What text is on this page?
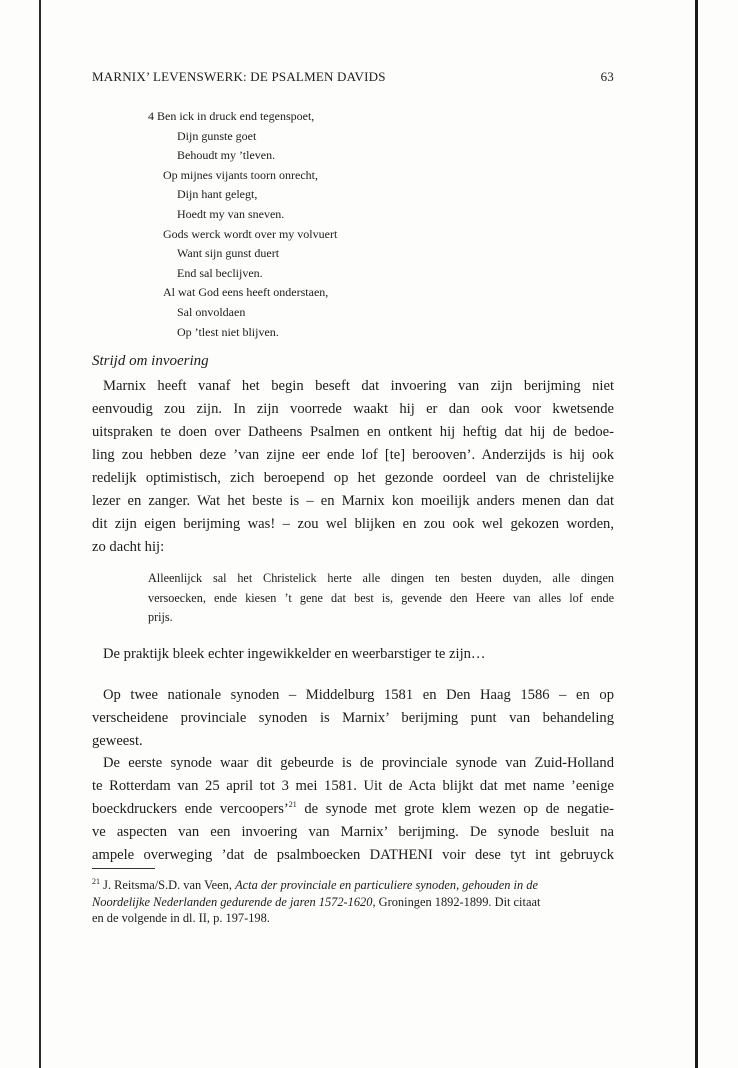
MARNIX’ LEVENSWERK: DE PSALMEN DAVIDS	63
4 Ben ick in druck end tegenspoet,
Dijn gunste goet
Behoudt my ’tleven.
Op mijnes vijants toorn onrecht,
Dijn hant gelegt,
Hoedt my van sneven.
Gods werck wordt over my volvuert
Want sijn gunst duert
End sal beclijven.
Al wat God eens heeft onderstaen,
Sal onvoldaen
Op ’tlest niet blijven.
Strijd om invoering

Marnix heeft vanaf het begin beseft dat invoering van zijn berijming niet
eenvoudig zou zijn. In zijn voorrede waakt hij er dan ook voor kwetsende
uitspraken te doen over Datheens Psalmen en ontkent hij heftig dat hij de bedoe-
ling zou hebben deze ’van zijne eer ende lof [te] berooven’. Anderzijds is hij ook
redelijk optimistisch, zich beroepend op het gezonde oordeel van de christelijke
lezer en zanger. Wat het beste is – en Marnix kon moeilijk anders menen dan dat
dit zijn eigen berijming was! – zou wel blijken en zou ook wel gekozen worden,
zo dacht hij:

Alleenlijck sal het Christelick herte alle dingen ten besten duyden, alle dingen
versoecken, ende kiesen ’t gene dat best is, gevende den Heere van alles lof ende
prijs.

De praktijk bleek echter ingewikkelder en weerbarstiger te zijn…

Op twee nationale synoden – Middelburg 1581 en Den Haag 1586 – en op
verscheidene provinciale synoden is Marnix’ berijming punt van behandeling
geweest.

De eerste synode waar dit gebeurde is de provinciale synode van Zuid-Holland
te Rotterdam van 25 april tot 3 mei 1581. Uit de Acta blijkt dat met name ’eenige
boeckdruckers ende vercoopers’$^{21}$ de synode met grote klem wezen op de negatie-
ve aspecten van een invoering van Marnix’ berijming. De synode besluit na
ampele overweging ’dat de psalmboecken DATHENI voir dese tyt int gebruyck

$^{21}$ J. Reitsma/S.D. van Veen, Acta der provinciale en particuliere synoden, gehouden in de
Noordelijke Nederlanden gedurende de jaren 1572-1620, Groningen 1892-1899. Dit citaat
en de volgende in dl. II, p. 197-198.
